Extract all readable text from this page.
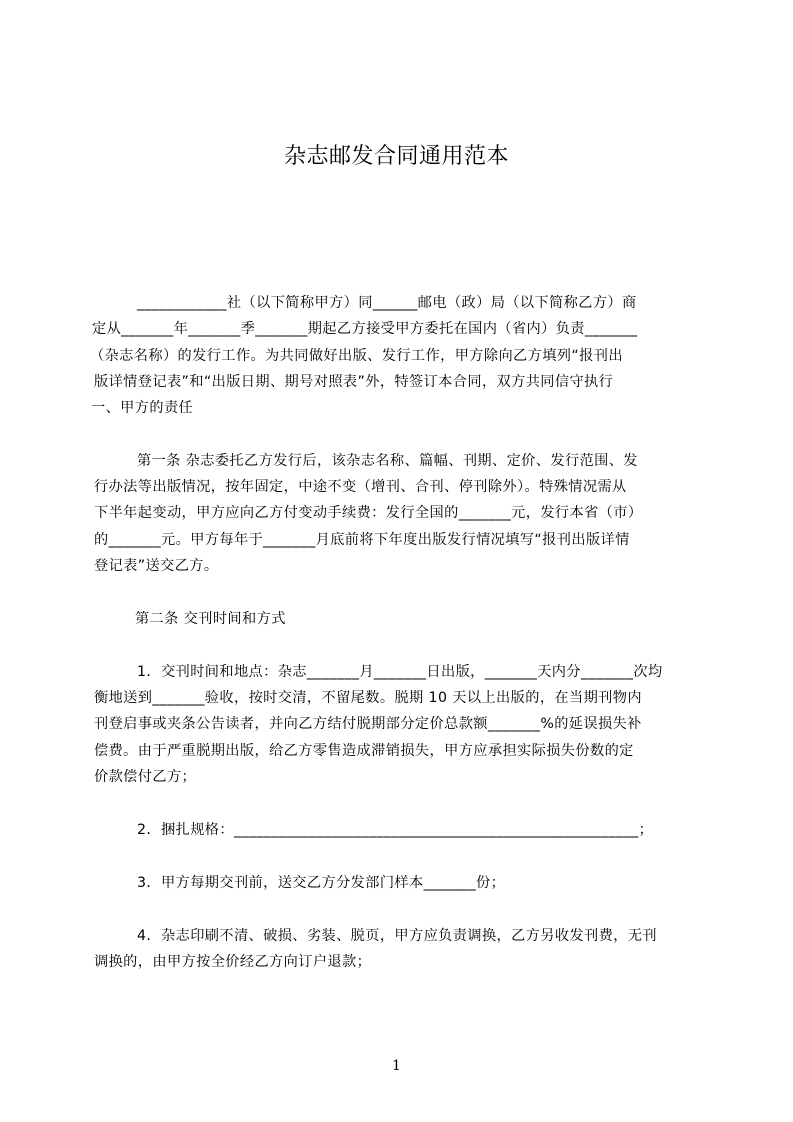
杂志邮发合同通用范本
____________社（以下简称甲方）同______邮电（政）局（以下简称乙方）商
定从_______年_______季_______期起乙方接受甲方委托在国内（省内）负责_______
（杂志名称）的发行工作。为共同做好出版、发行工作，甲方除向乙方填列“报刊出
版详情登记表”和“出版日期、期号对照表”外，特签订本合同，双方共同信守执行
一、甲方的责任
第一条 杂志委托乙方发行后，该杂志名称、篇幅、刊期、定价、发行范围、发
行办法等出版情况，按年固定，中途不变（增刊、合刊、停刊除外）。特殊情况需从
下半年起变动，甲方应向乙方付变动手续费：发行全国的_______元，发行本省（市）
的_______元。甲方每年于_______月底前将下年度出版发行情况填写“报刊出版详情
登记表”送交乙方。
第二条 交刊时间和方式
1．交刊时间和地点：杂志_______月_______日出版，_______天内分_______次均
衡地送到_______验收，按时交清，不留尾数。脱期 10 天以上出版的，在当期刊物内
刊登启事或夹条公告读者，并向乙方结付脱期部分定价总款额_______%的延误损失补
偿费。由于严重脱期出版，给乙方零售造成滞销损失，甲方应承担实际损失份数的定
价款偿付乙方；
2．捆扎规格：______________________________________________________；
3．甲方每期交刊前，送交乙方分发部门样本_______份；
4．杂志印刷不清、破损、劣装、脱页，甲方应负责调换，乙方另收发刊费，无刊
调换的，由甲方按全价经乙方向订户退款；
1
